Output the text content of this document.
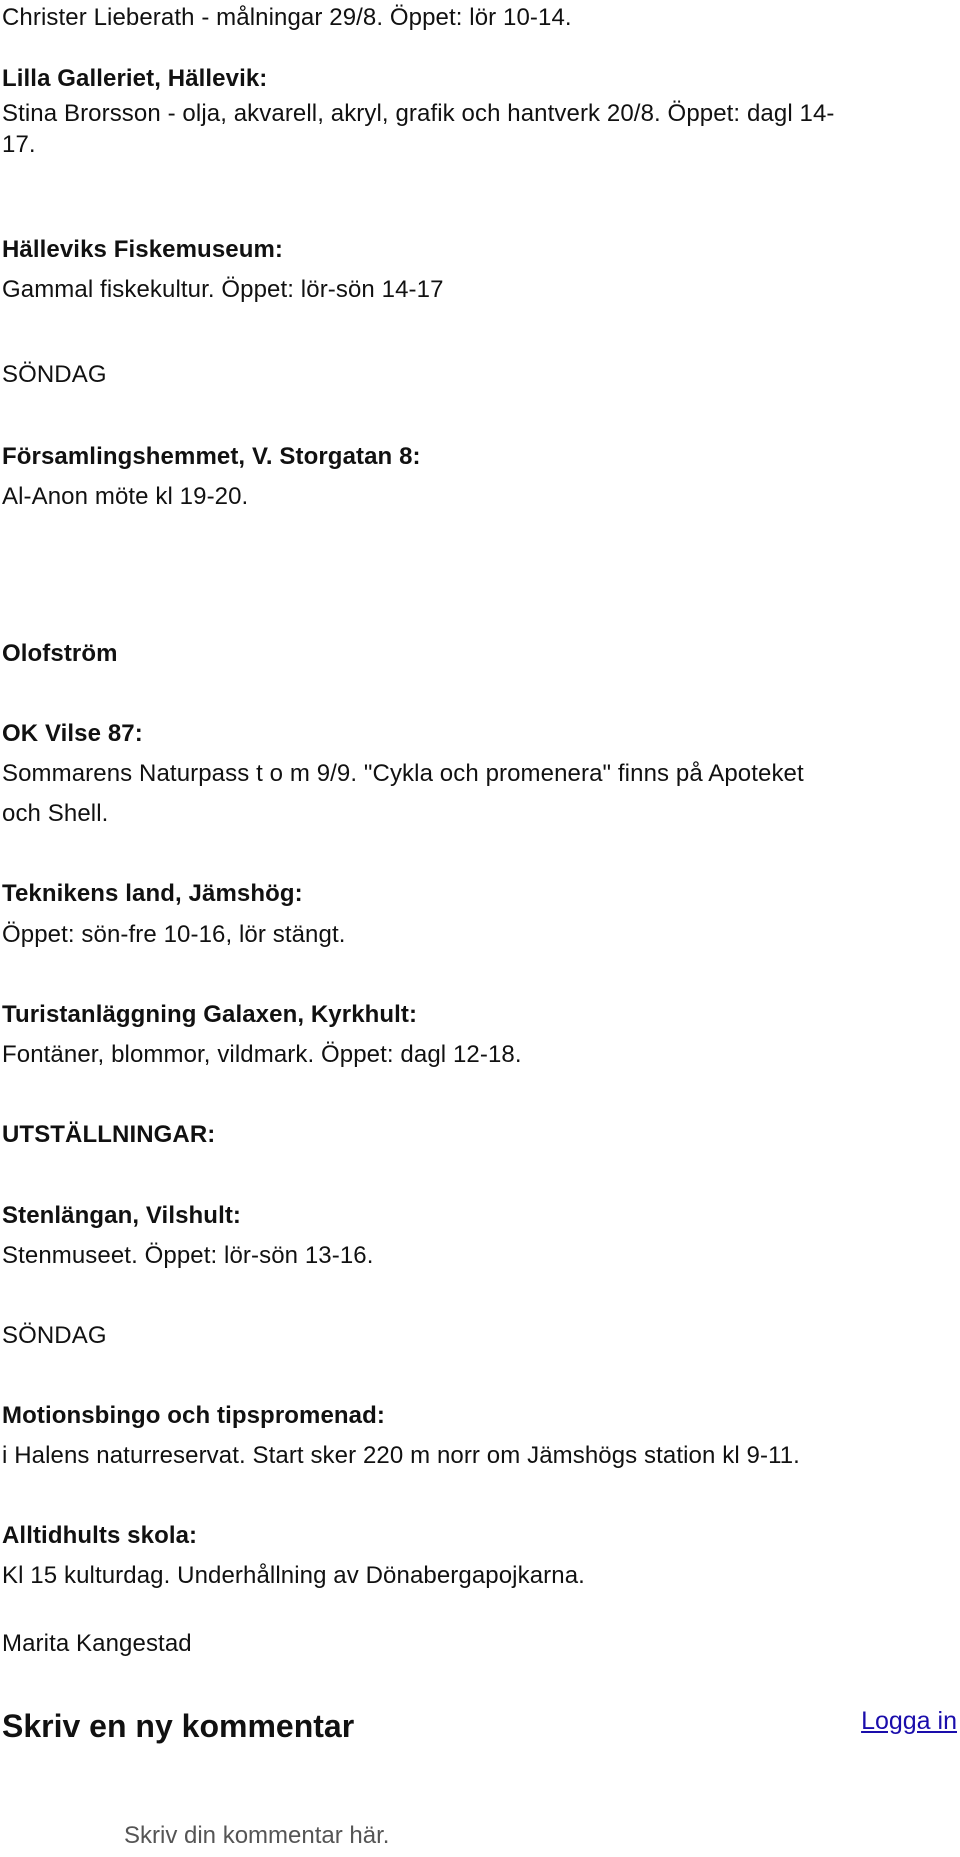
Christer Lieberath - målningar 29/8. Öppet: lör 10-14.

Lilla Galleriet, Hällevik:

Stina Brorsson - olja, akvarell, akryl, grafik och hantverk 20/8. Öppet: dagl 14-

17.

Hälleviks Fiskemuseum:

Gammal fiskekultur. Öppet: lör-sön 14-17

SÖNDAG

Församlingshemmet, V. Storgatan 8:

Al-Anon möte kl 19-20.

Olofström

OK Vilse 87:

Sommarens Naturpass t o m 9/9. "Cykla och promenera" finns på Apoteket

och Shell.

Teknikens land, Jämshög:

Öppet: sön-fre 10-16, lör stängt.

Turistanläggning Galaxen, Kyrkhult:

Fontäner, blommor, vildmark. Öppet: dagl 12-18.

UTSTÄLLNINGAR:

Stenlängan, Vilshult:

Stenmuseet. Öppet: lör-sön 13-16.

SÖNDAG

Motionsbingo och tipspromenad:

i Halens naturreservat. Start sker 220 m norr om Jämshögs station kl 9-11.

Alltidhults skola:

Kl 15 kulturdag. Underhållning av Dönabergapojkarna.

Marita Kangestad

Skriv en ny kommentar	Logga in
Skriv din kommentar här.
